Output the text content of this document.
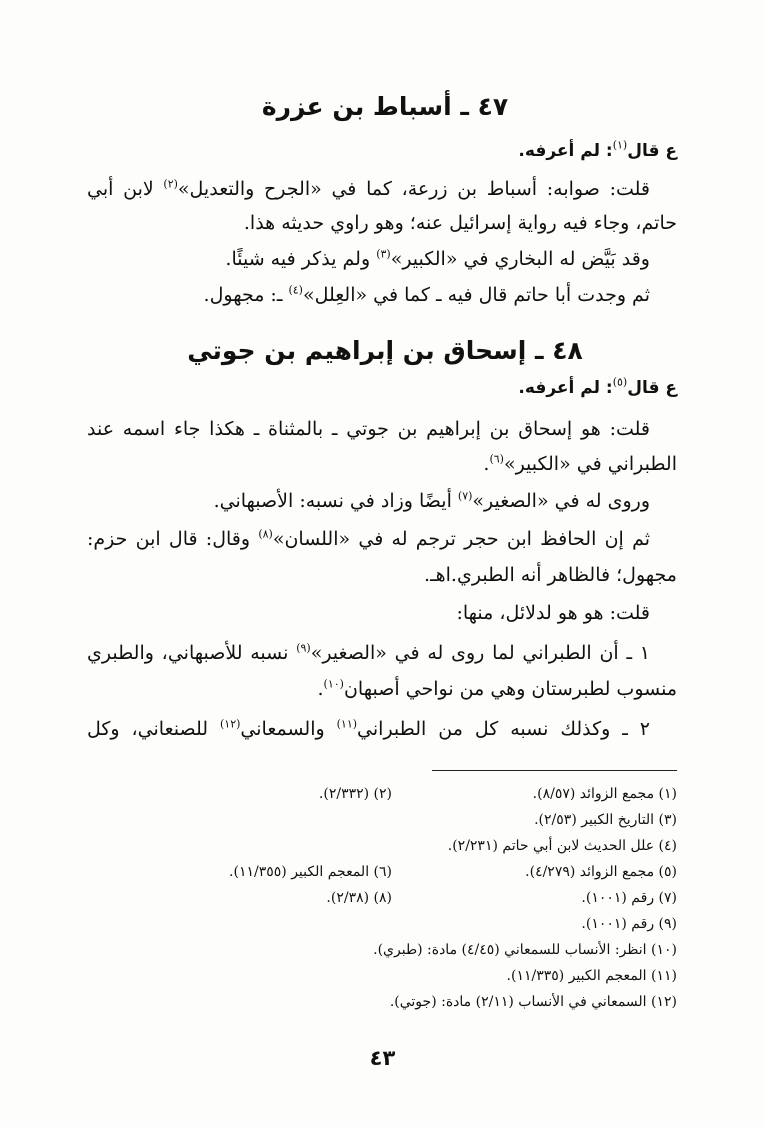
٤٧ ـ أسباط بن عزرة
ع قال$^{(١)}$: لم أعرفه.
قلت: صوابه: أسباط بن زرعة، كما في «الجرح والتعديل»$^{(٢)}$ لابن أبي
حاتم، وجاء فيه رواية إسرائيل عنه؛ وهو راوي حديثه هذا.
وقد بَيَّض له البخاري في «الكبير»$^{(٣)}$ ولم يذكر فيه شيئًا.
ثم وجدت أبا حاتم قال فيه ـ كما في «العِلل»$^{(٤)}$ ـ: مجهول.
٤٨ ـ إسحاق بن إبراهيم بن جوتي
ع قال$^{(٥)}$: لم أعرفه.
قلت: هو إسحاق بن إبراهيم بن جوتي ـ بالمثناة ـ هكذا جاء اسمه عند
الطبراني في «الكبير»$^{(٦)}$.
وروى له في «الصغير»$^{(٧)}$ أيضًا وزاد في نسبه: الأصبهاني.
ثم إن الحافظ ابن حجر ترجم له في «اللسان»$^{(٨)}$ وقال: قال ابن حزم:
مجهول؛ فالظاهر أنه الطبري.اهـ.
قلت: هو هو لدلائل، منها:
١ ـ أن الطبراني لما روى له في «الصغير»$^{(٩)}$ نسبه للأصبهاني، والطبري
منسوب لطبرستان وهي من نواحي أصبهان$^{(١٠)}$.
٢ ـ وكذلك نسبه كل من الطبراني$^{(١١)}$ والسمعاني$^{(١٢)}$ للصنعاني، وكل
(١) مجمع الزوائد (٨/٥٧).(٢) (٢/٣٣٢).
(٣) التاريخ الكبير (٢/٥٣).
(٤) علل الحديث لابن أبي حاتم (٢/٢٣١).
(٥) مجمع الزوائد (٤/٢٧٩).(٦) المعجم الكبير (١١/٣٥٥).
(٧) رقم (١٠٠١).(٨) (٢/٣٨).
(٩) رقم (١٠٠١).
(١٠) انظر: الأنساب للسمعاني (٤/٤٥) مادة: (طبري).
(١١) المعجم الكبير (١١/٣٣٥).
(١٢) السمعاني في الأنساب (٢/١١) مادة: (جوتي).
٤٣
